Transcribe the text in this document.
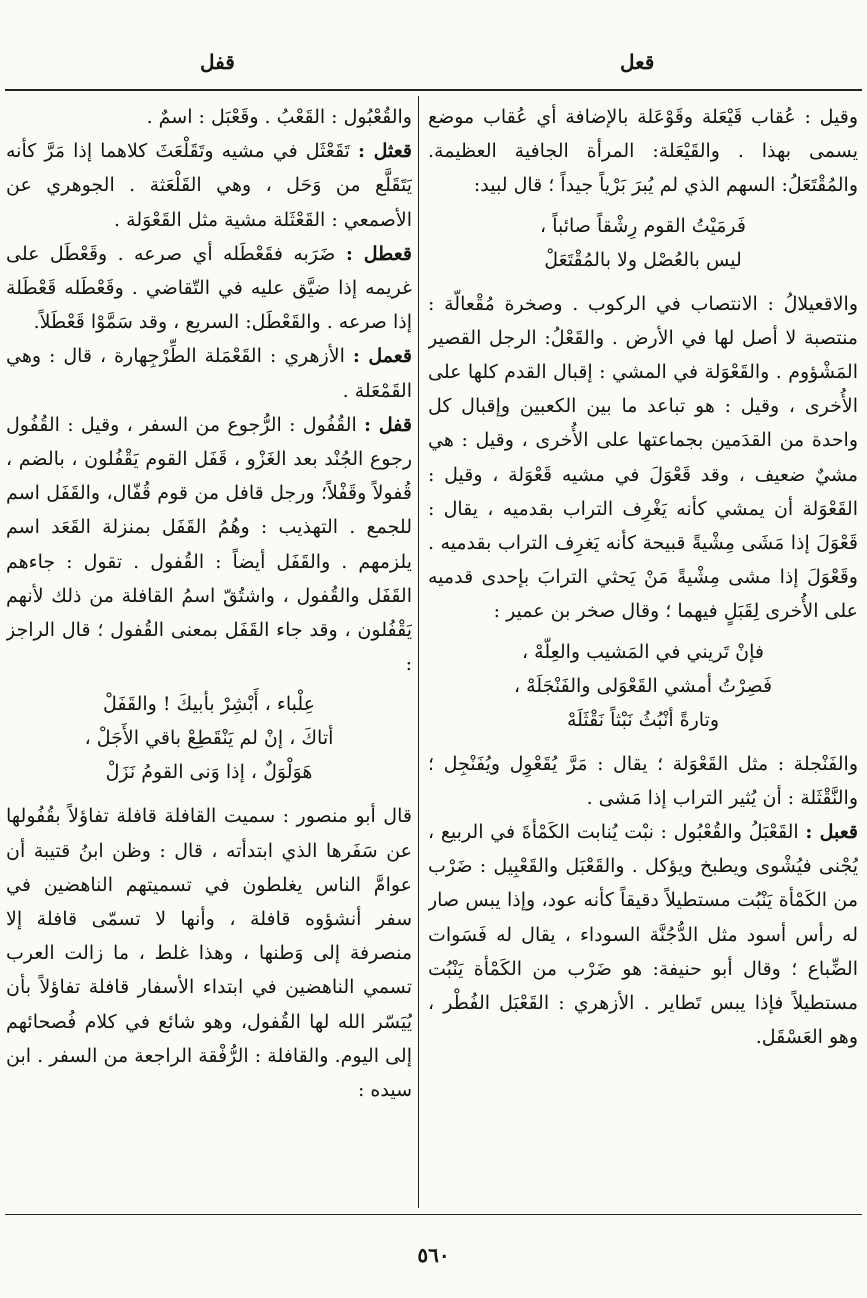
قفل	قعل

وقيل : عُقاب قَيْعَلة وقَوْعَلة بالإضافة أي عُقاب موضع يسمى بهذا . والقَيْعَلة: المرأة الجافية العظيمة. والمُقْتَعَلُ: السهم الذي لم يُبرَ بَرْياً جيداً ؛ قال لبيد:

فَرمَيْتُ القوم رِشْقاً صائباً ،
ليس بالعُصْل ولا بالمُقْتَعَلْ

والاقعيلالُ : الانتصاب في الركوب . وصخرة مُقْعالّة : منتصبة لا أصل لها في الأرض . والقَعْلُ: الرجل القصير المَشْؤوم . والقَعْوَلة في المشي : إقبال القدم كلها على الأُخرى ، وقيل : هو تباعد ما بين الكعبين وإقبال كل واحدة من القدَمين بجماعتها على الأُخرى ، وقيل : هي مشيٌ ضعيف ، وقد قَعْوَلَ في مشيه قَعْوَلة ، وقيل : القَعْوَلة أن يمشي كأنه يَغْرِف التراب بقدميه ، يقال : قَعْوَلَ إذا مَشَى مِشْيةً قبيحة كأنه يَغرِف التراب بقدميه . وقَعْوَلَ إذا مشى مِشْيةً مَنْ يَحثي الترابَ بإحدى قدميه على الأُخرى لِقَبَلٍ فيهما ؛ وقال صخر بن عمير :

فإنْ تَريني في المَشيب والعِلّهْ ،
فَصِرْتُ أمشي القَعْوَلى والفَنْجَلَهْ ،
وتارةً أنْبُثُ نَبْثاً نَقْثَلَهْ

والفَنْجلة : مثل القَعْوَلة ؛ يقال : مَرَّ يُقَعْوِل ويُفَنْجِل ؛ والنَّقْثَلة : أن يُثير التراب إذا مَشى .

قعبل : القَعْبَلُ والقُعْبُول : نبْت يُنابت الكَمْأةَ في الربيع ، يُجْنى فيُشْوى ويطبخ ويؤكل . والقَعْبَل والقَعْبِيل : ضَرْب من الكَمْأة يَنْبُت مستطيلاً دقيقاً كأنه عود، وإذا يبس صار له رأس أسود مثل الدُّجُنَّة السوداء ، يقال له فَسَوات الضِّباع ؛ وقال أبو حنيفة: هو ضَرْب من الكَمْأة يَنْبُت مستطيلاً فإذا يبس تَطاير . الأزهري : القَعْبَل الفُطْر ، وهو العَسْقَل.

والقُعْبُول : القَعْبُ . وقَعْبَل : اسمٌ .

قعثل : تَقَعْثَل في مشيه وتَقَلْعَثَ كلاهما إذا مَرَّ كأنه يَتَقَلَّع من وَحَل ، وهي القَلْعَثة . الجوهري عن الأصمعي : القَعْثَلة مشية مثل القَعْوَلة .

قعطل : ضَرَبه فقَعْطَله أي صرعه . وقَعْطَل على غريمه إذا ضيَّق عليه في التّقاضي . وقَعْطَله قَعْطَلة إذا صرعه . والقَعْطَل: السريع ، وقد سَمَّوْا قَعْطَلاً.

قعمل : الأزهري : القَعْمَلة الطِّرْجِهارة ، قال : وهي القَمْعَلة .

قفل : القُفُول : الرُّجوع من السفر ، وقيل : القُفُول رجوع الجُنْد بعد الغَزْو ، قَفَل القوم يَقْفُلون ، بالضم ، قُفولاً وقَفْلاً؛ ورجل قافل من قوم قُفّال، والقَفَل اسم للجمع . التهذيب : وهُمُ القَفَل بمنزلة القَعَد اسم يلزمهم . والقَفَل أيضاً : القُفول . تقول : جاءهم القَفَل والقُفول ، واشتُقّ اسمُ القافلة من ذلك لأنهم يَقْفُلون ، وقد جاء القَفَل بمعنى القُفول ؛ قال الراجز :

عِلْباء ، أَبْشِرْ بأبيكَ ! والقَفَلْ
أتاكَ ، إنْ لم يَنْقَطِعْ باقي الأَجَلْ ،
هَوَلْوَلٌ ، إذا وَنى القومُ نَزَلْ

قال أبو منصور : سميت القافلة قافلة تفاؤلاً بقُفُولها عن سَفَرها الذي ابتدأته ، قال : وظن ابنُ قتيبة أن عوامَّ الناس يغلطون في تسميتهم الناهضين في سفر أنشؤوه قافلة ، وأنها لا تسمّى قافلة إلا منصرفة إلى وَطنها ، وهذا غلط ، ما زالت العرب تسمي الناهضين في ابتداء الأسفار قافلة تفاؤلاً بأن يُيَسّر الله لها القُفول، وهو شائع في كلام فُصحائهم إلى اليوم. والقافلة : الرُّفْقة الراجعة من السفر . ابن سيده :

٥٦٠
